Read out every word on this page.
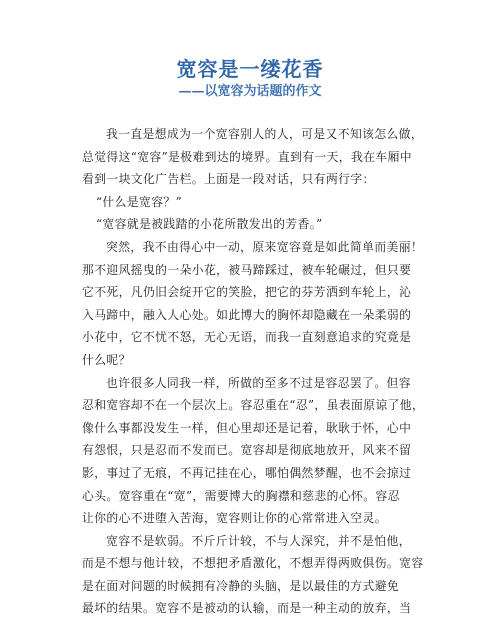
宽容是一缕花香
——以宽容为话题的作文
我一直是想成为一个宽容别人的人，可是又不知该怎么做，
总觉得这“宽容”是极难到达的境界。直到有一天，我在车厢中
看到一块文化广告栏。上面是一段对话，只有两行字：
“什么是宽容？”
“宽容就是被践踏的小花所散发出的芳香。”
突然，我不由得心中一动，原来宽容竟是如此简单而美丽！
那不迎风摇曳的一朵小花，被马蹄踩过，被车轮碾过，但只要
它不死，凡仍旧会绽开它的笑脸，把它的芬芳洒到车轮上，沁
入马蹄中，融入人心处。如此博大的胸怀却隐藏在一朵柔弱的
小花中，它不忧不怒，无心无语，而我一直刻意追求的究竟是
什么呢？
也许很多人同我一样，所做的至多不过是容忍罢了。但容
忍和宽容却不在一个层次上。容忍重在“忍”，虽表面原谅了他，
像什么事都没发生一样，但心里却还是记着，耿耿于怀，心中
有怨恨，只是忍而不发而已。宽容却是彻底地放开，风来不留
影，事过了无痕，不再记挂在心，哪怕偶然梦醒，也不会掠过
心头。宽容重在“宽”，需要博大的胸襟和慈悲的心怀。容忍
让你的心不进堕入苦海，宽容则让你的心常常进入空灵。
宽容不是软弱。不斤斤计较，不与人深究，并不是怕他，
而是不想与他计较，不想把矛盾激化，不想弄得两败俱伤。宽容
是在面对问题的时候拥有冷静的头脑，是以最佳的方式避免
最坏的结果。宽容不是被动的认输，而是一种主动的放弃，当
